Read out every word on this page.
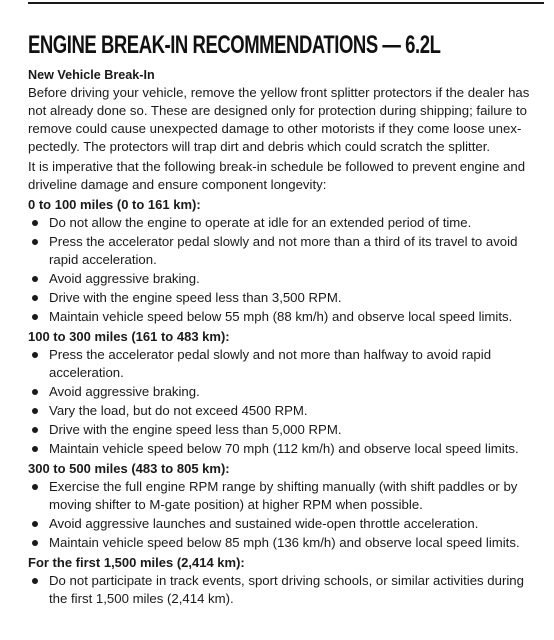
ENGINE BREAK-IN RECOMMENDATIONS — 6.2L
New Vehicle Break-In

Before driving your vehicle, remove the yellow front splitter protectors if the dealer has

not already done so. These are designed only for protection during shipping; failure to

remove could cause unexpected damage to other motorists if they come loose unex-

pectedly. The protectors will trap dirt and debris which could scratch the splitter.

It is imperative that the following break-in schedule be followed to prevent engine and

driveline damage and ensure component longevity:

0 to 100 miles (0 to 161 km):
Do not allow the engine to operate at idle for an extended period of time.
Press the accelerator pedal slowly and not more than a third of its travel to avoid
rapid acceleration.
Avoid aggressive braking.
Drive with the engine speed less than 3,500 RPM.
Maintain vehicle speed below 55 mph (88 km/h) and observe local speed limits.
100 to 300 miles (161 to 483 km):
Press the accelerator pedal slowly and not more than halfway to avoid rapid
acceleration.
Avoid aggressive braking.
Vary the load, but do not exceed 4500 RPM.
Drive with the engine speed less than 5,000 RPM.
Maintain vehicle speed below 70 mph (112 km/h) and observe local speed limits.
300 to 500 miles (483 to 805 km):
Exercise the full engine RPM range by shifting manually (with shift paddles or by
moving shifter to M-gate position) at higher RPM when possible.
Avoid aggressive launches and sustained wide-open throttle acceleration.
Maintain vehicle speed below 85 mph (136 km/h) and observe local speed limits.
For the first 1,500 miles (2,414 km):
Do not participate in track events, sport driving schools, or similar activities during
the first 1,500 miles (2,414 km).
